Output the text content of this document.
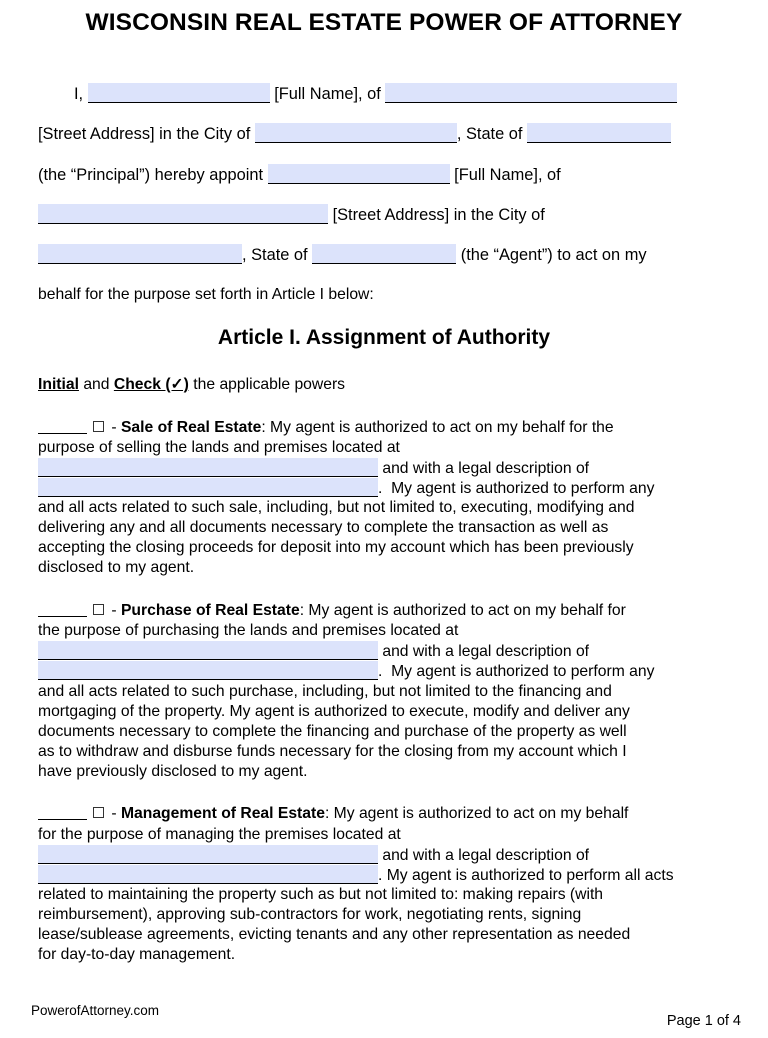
WISCONSIN REAL ESTATE POWER OF ATTORNEY
I,	[Full Name], of
[Street Address] in the City of	, State of
(the “Principal”) hereby appoint	[Full Name], of
[Street Address] in the City of
, State of	(the “Agent”) to act on my
behalf for the purpose set forth in Article I below:
Article I. Assignment of Authority
Initial and Check (✓) the applicable powers
- Sale of Real Estate: My agent is authorized to act on my behalf for the
purpose of selling the lands and premises located at
and with a legal description of
.  My agent is authorized to perform any
and all acts related to such sale, including, but not limited to, executing, modifying and
delivering any and all documents necessary to complete the transaction as well as
accepting the closing proceeds for deposit into my account which has been previously
disclosed to my agent.
- Purchase of Real Estate: My agent is authorized to act on my behalf for
the purpose of purchasing the lands and premises located at
and with a legal description of
.  My agent is authorized to perform any
and all acts related to such purchase, including, but not limited to the financing and
mortgaging of the property. My agent is authorized to execute, modify and deliver any
documents necessary to complete the financing and purchase of the property as well
as to withdraw and disburse funds necessary for the closing from my account which I
have previously disclosed to my agent.
- Management of Real Estate: My agent is authorized to act on my behalf
for the purpose of managing the premises located at
and with a legal description of
. My agent is authorized to perform all acts
related to maintaining the property such as but not limited to: making repairs (with
reimbursement), approving sub-contractors for work, negotiating rents, signing
lease/sublease agreements, evicting tenants and any other representation as needed
for day-to-day management.
PowerofAttorney.com
Page 1 of 4
